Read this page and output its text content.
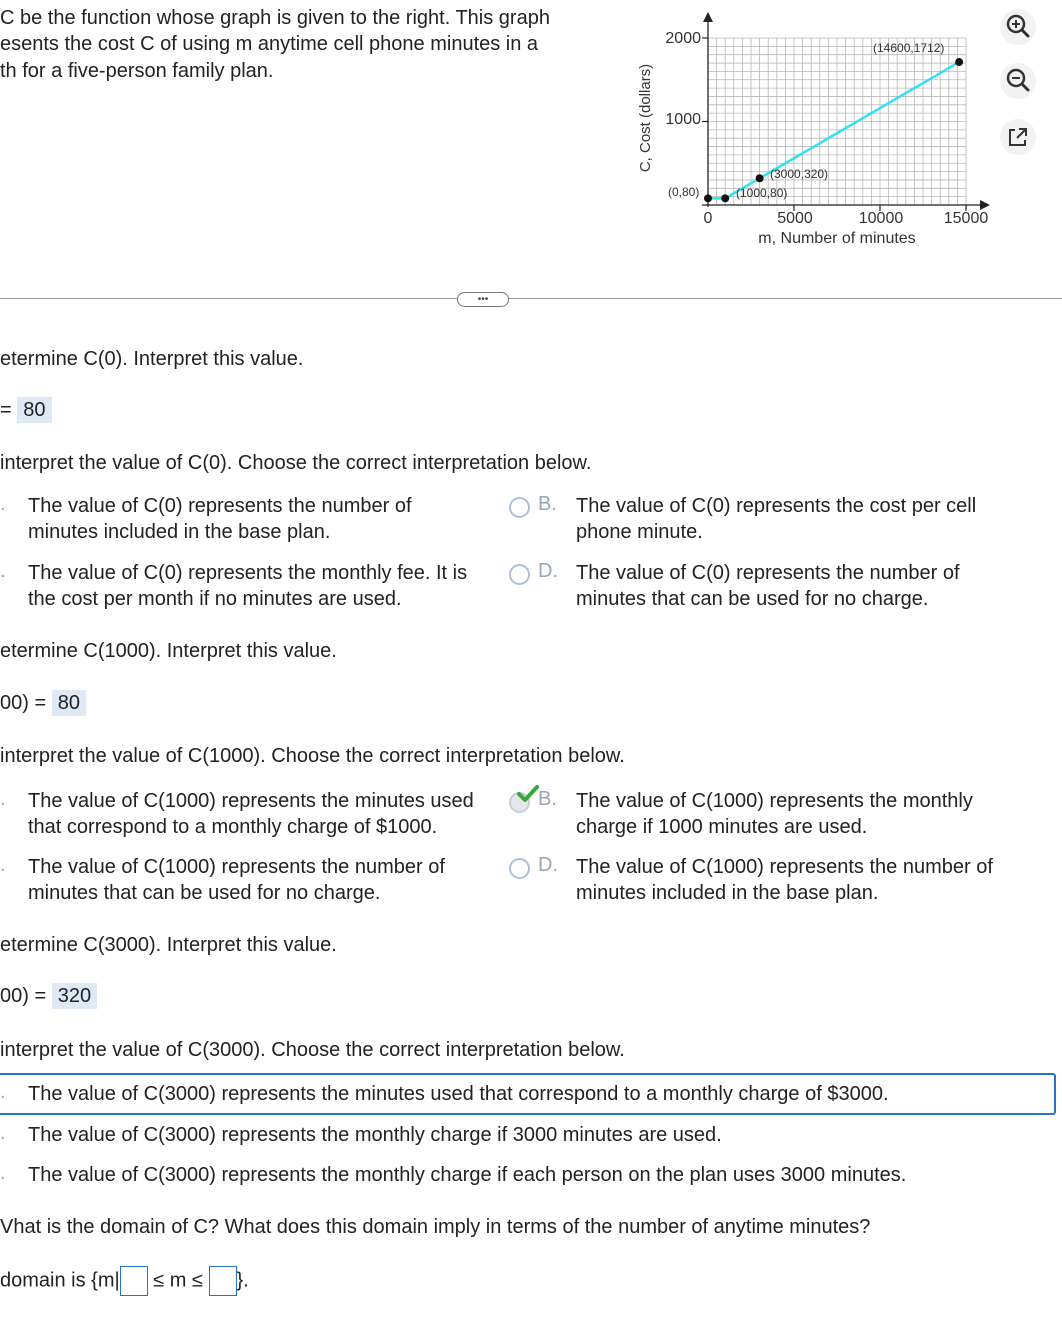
C be the function whose graph is given to the right. This graph
esents the cost C of using m anytime cell phone minutes in a
th for a five-person family plan.	C, Cost (dollars)
m, Number of minutes
2000
1000
0	5000	10000	15000
(0,80)	(1000,80)
(3000,320)
(14600,1712)
•••
etermine C(0). Interpret this value.
= 80
interpret the value of C(0). Choose the correct interpretation below.
. The value of C(0) represents the number of
minutes included in the base plan.
B. The value of C(0) represents the cost per cell
phone minute.
. The value of C(0) represents the monthly fee. It is
the cost per month if no minutes are used.
D. The value of C(0) represents the number of
minutes that can be used for no charge.
etermine C(1000). Interpret this value.
00) = 80
interpret the value of C(1000). Choose the correct interpretation below.
. The value of C(1000) represents the minutes used
that correspond to a monthly charge of $1000.
B. The value of C(1000) represents the monthly
charge if 1000 minutes are used.
. The value of C(1000) represents the number of
minutes that can be used for no charge.
D. The value of C(1000) represents the number of
minutes included in the base plan.
etermine C(3000). Interpret this value.
00) = 320
interpret the value of C(3000). Choose the correct interpretation below.
. The value of C(3000) represents the minutes used that correspond to a monthly charge of $3000.
. The value of C(3000) represents the monthly charge if 3000 minutes are used.
. The value of C(3000) represents the monthly charge if each person on the plan uses 3000 minutes.
Vhat is the domain of C? What does this domain imply in terms of the number of anytime minutes?
domain is {m| ≤ m ≤ }.
